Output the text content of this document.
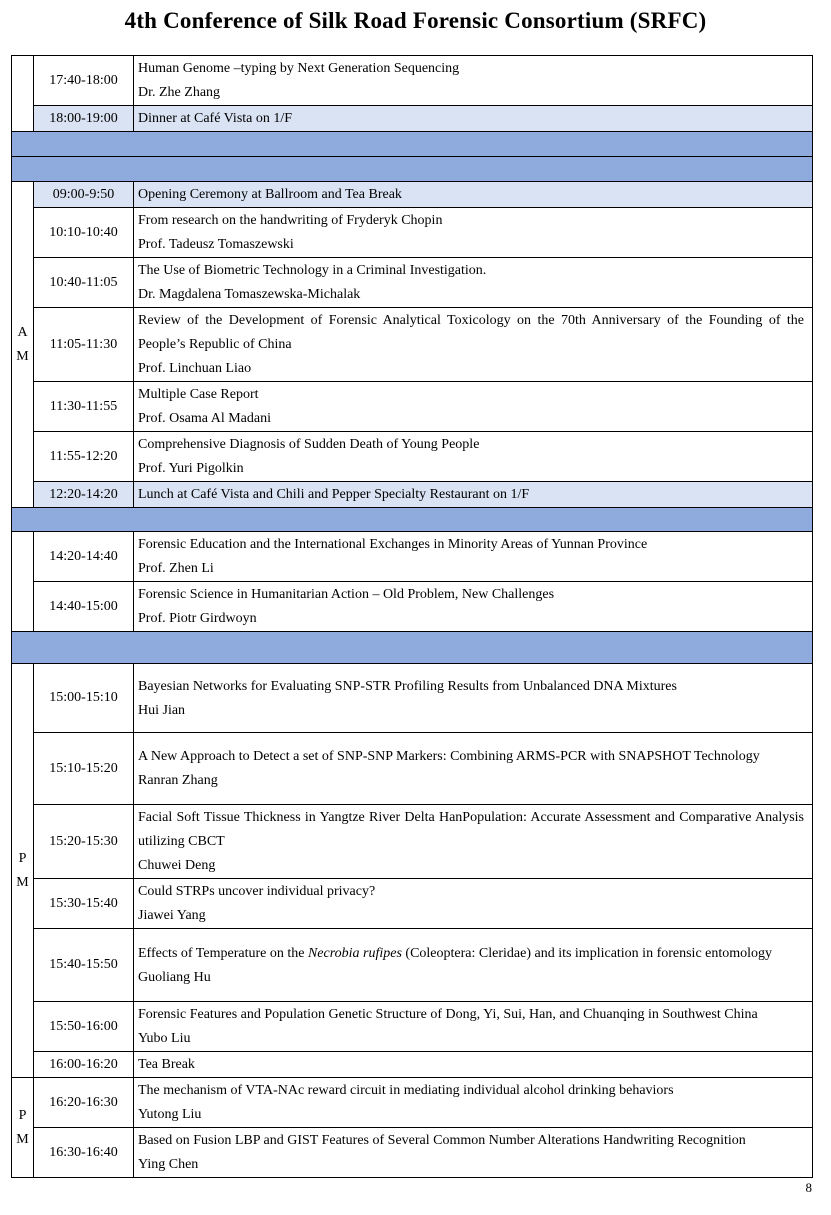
4th Conference of Silk Road Forensic Consortium (SRFC)
	17:40-18:00	Human Genome –typing by Next Generation Sequencing
Dr. Zhe Zhang

	18:00-19:00	Dinner at Café Vista on 1/F

A
M	09:00-9:50	Opening Ceremony at Ballroom and Tea Break
	10:10-10:40	From research on the handwriting of Fryderyk Chopin
Prof. Tadeusz Tomaszewski

	10:40-11:05	The Use of Biometric Technology in a Criminal Investigation.
Dr. Magdalena Tomaszewska-Michalak

	11:05-11:30	Review of the Development of Forensic Analytical Toxicology on the 70th Anniversary of the Founding of the People’s Republic of China
Prof. Linchuan Liao

	11:30-11:55	Multiple Case Report
Prof. Osama Al Madani

	11:55-12:20	Comprehensive Diagnosis of Sudden Death of Young People
Prof. Yuri Pigolkin

	12:20-14:20	Lunch at Café Vista and Chili and Pepper Specialty Restaurant on 1/F

	14:20-14:40	Forensic Education and the International Exchanges in Minority Areas of Yunnan Province
Prof. Zhen Li

	14:40-15:00	Forensic Science in Humanitarian Action – Old Problem, New Challenges
Prof. Piotr Girdwoyn

P
M	15:00-15:10	Bayesian Networks for Evaluating SNP-STR Profiling Results from Unbalanced DNA Mixtures
Hui Jian

	15:10-15:20	A New Approach to Detect a set of SNP-SNP Markers: Combining ARMS-PCR with SNAPSHOT Technology
Ranran Zhang

	15:20-15:30	Facial Soft Tissue Thickness in Yangtze River Delta HanPopulation: Accurate Assessment and Comparative Analysis utilizing CBCT
Chuwei Deng

	15:30-15:40	Could STRPs uncover individual privacy?
Jiawei Yang

	15:40-15:50	Effects of Temperature on the Necrobia rufipes (Coleoptera: Cleridae) and its implication in forensic entomology
Guoliang Hu

	15:50-16:00	Forensic Features and Population Genetic Structure of Dong, Yi, Sui, Han, and Chuanqing in Southwest China
Yubo Liu

	16:00-16:20	Tea Break

P
M	16:20-16:30	The mechanism of VTA-NAc reward circuit in mediating individual alcohol drinking behaviors
Yutong Liu

	16:30-16:40	Based on Fusion LBP and GIST Features of Several Common Number Alterations Handwriting Recognition
Ying Chen
8
